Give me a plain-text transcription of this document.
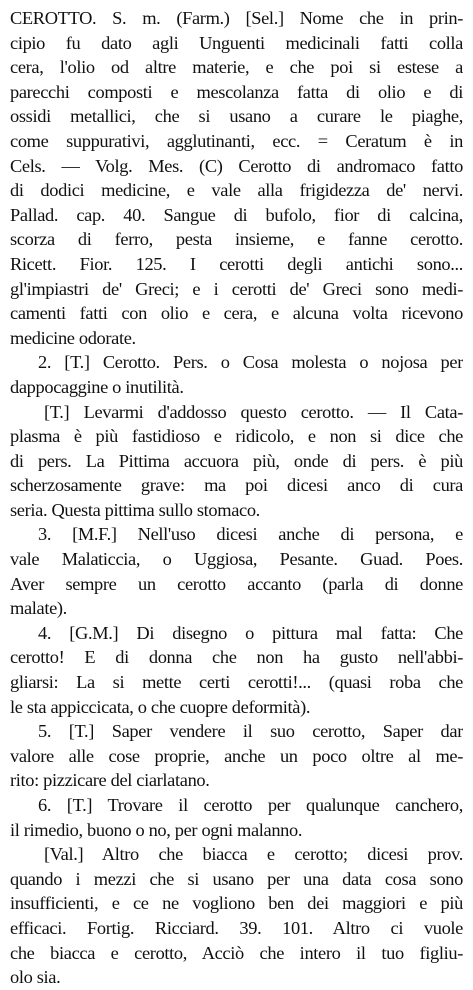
CEROTTO. S. m. (Farm.) [Sel.] Nome che in prin-
cipio fu dato agli Unguenti medicinali fatti colla
cera, l'olio od altre materie, e che poi si estese a
parecchi composti e mescolanza fatta di olio e di
ossidi metallici, che si usano a curare le piaghe,
come suppurativi, agglutinanti, ecc. = Ceratum è in
Cels. — Volg. Mes. (C) Cerotto di andromaco fatto
di dodici medicine, e vale alla frigidezza de' nervi.
Pallad. cap. 40. Sangue di bufolo, fior di calcina,
scorza di ferro, pesta insieme, e fanne cerotto.
Ricett. Fior. 125. I cerotti degli antichi sono...
gl'impiastri de' Greci; e i cerotti de' Greci sono medi-
camenti fatti con olio e cera, e alcuna volta ricevono
medicine odorate.
2. [T.] Cerotto. Pers. o Cosa molesta o nojosa per
dappocaggine o inutilità.
[T.] Levarmi d'addosso questo cerotto. — Il Cata-
plasma è più fastidioso e ridicolo, e non si dice che
di pers. La Pittima accuora più, onde di pers. è più
scherzosamente grave: ma poi dicesi anco di cura
seria. Questa pittima sullo stomaco.
3. [M.F.] Nell'uso dicesi anche di persona, e
vale Malaticcia, o Uggiosa, Pesante. Guad. Poes.
Aver sempre un cerotto accanto (parla di donne
malate).
4. [G.M.] Di disegno o pittura mal fatta: Che
cerotto! E di donna che non ha gusto nell'abbi-
gliarsi: La si mette certi cerotti!... (quasi roba che
le sta appiccicata, o che cuopre deformità).
5. [T.] Saper vendere il suo cerotto, Saper dar
valore alle cose proprie, anche un poco oltre al me-
rito: pizzicare del ciarlatano.
6. [T.] Trovare il cerotto per qualunque canchero,
il rimedio, buono o no, per ogni malanno.
[Val.] Altro che biacca e cerotto; dicesi prov.
quando i mezzi che si usano per una data cosa sono
insufficienti, e ce ne vogliono ben dei maggiori e più
efficaci. Fortig. Ricciard. 39. 101. Altro ci vuole
che biacca e cerotto, Acciò che intero il tuo figliu-
olo sia.
